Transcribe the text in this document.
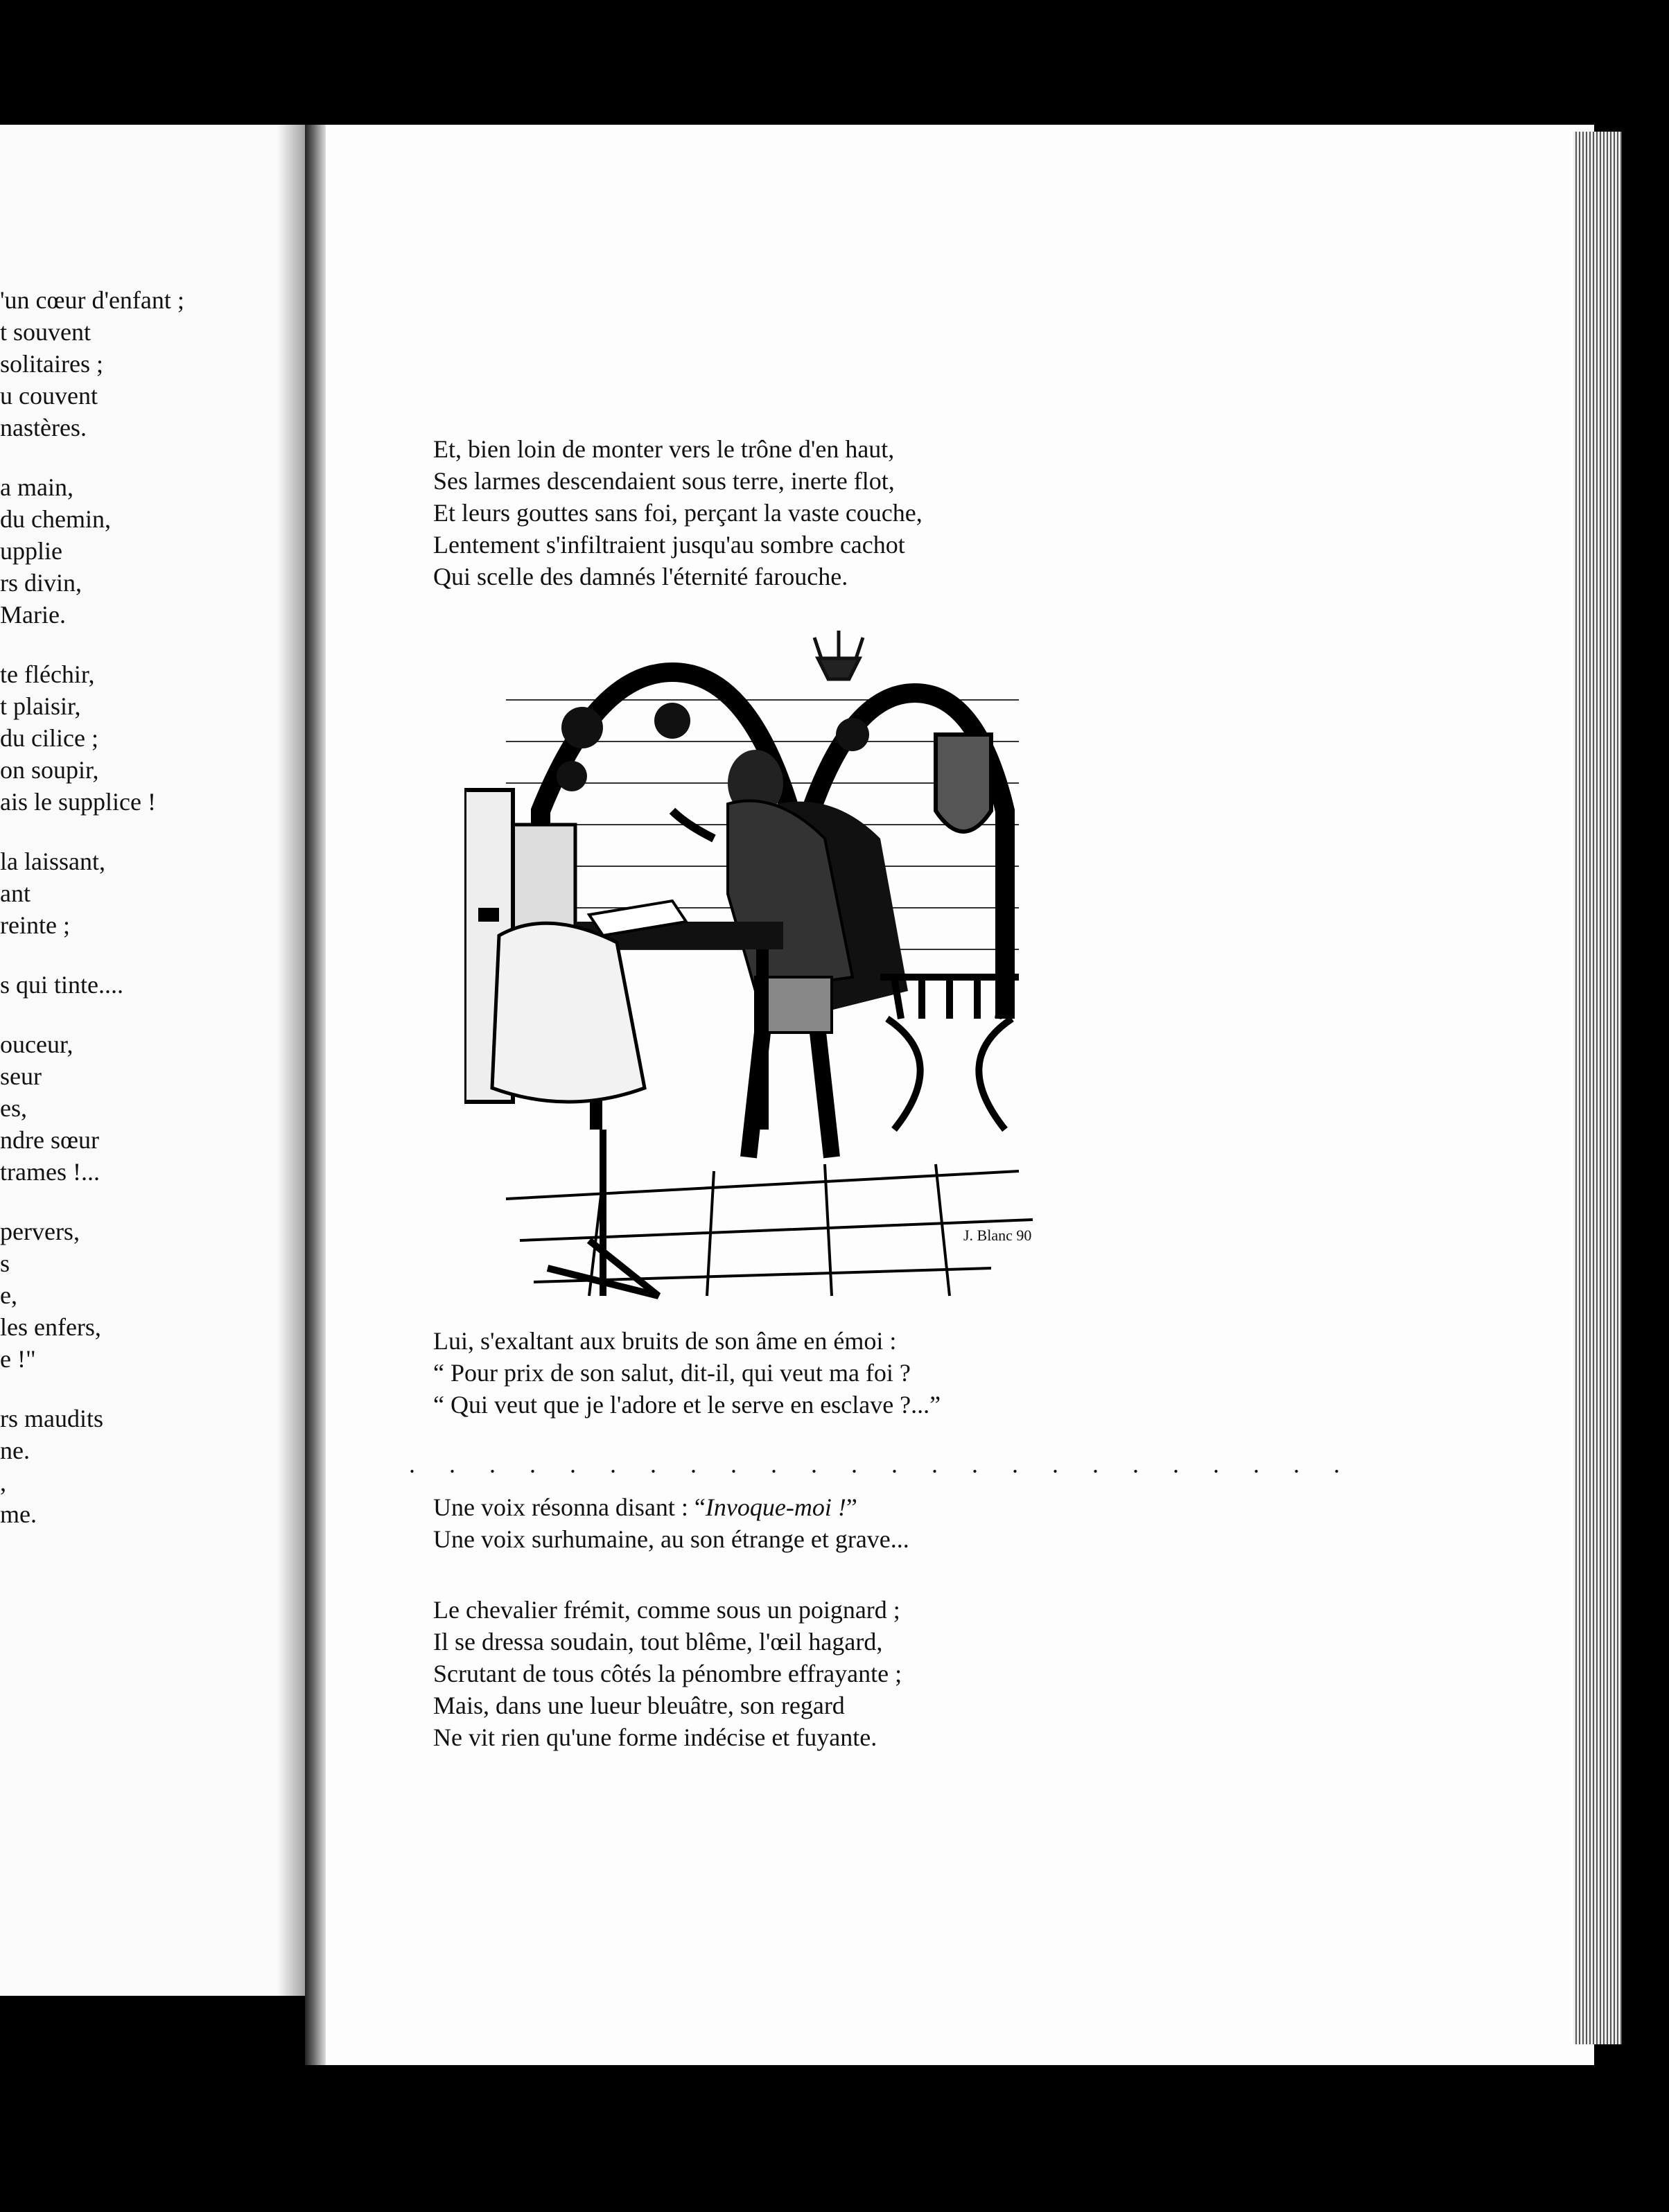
'un cœur d'enfant ;
t souvent
solitaires ;
u couvent
nastères.
a main,
du chemin,
upplie
rs divin,
Marie.
te fléchir,
t plaisir,
du cilice ;
on soupir,
ais le supplice !
la laissant,
ant
reinte ;
s qui tinte....
ouceur,
seur
es,
ndre sœur
trames !...
pervers,
s
e,
les enfers,
e !"
rs maudits
ne.
,
me.
Et, bien loin de monter vers le trône d'en haut,
Ses larmes descendaient sous terre, inerte flot,
Et leurs gouttes sans foi, perçant la vaste couche,
Lentement s'infiltraient jusqu'au sombre cachot
Qui scelle des damnés l'éternité farouche.
J. Blanc 90
Lui, s'exaltant aux bruits de son âme en émoi :
“ Pour prix de son salut, dit-il, qui veut ma foi ?
“ Qui veut que je l'adore et le serve en esclave ?...”
. . . . . . . . . . . . . . . . . . . . . . . .
Une voix résonna disant : “Invoque-moi !”
Une voix surhumaine, au son étrange et grave...
Le chevalier frémit, comme sous un poignard ;
Il se dressa soudain, tout blême, l'œil hagard,
Scrutant de tous côtés la pénombre effrayante ;
Mais, dans une lueur bleuâtre, son regard
Ne vit rien qu'une forme indécise et fuyante.
